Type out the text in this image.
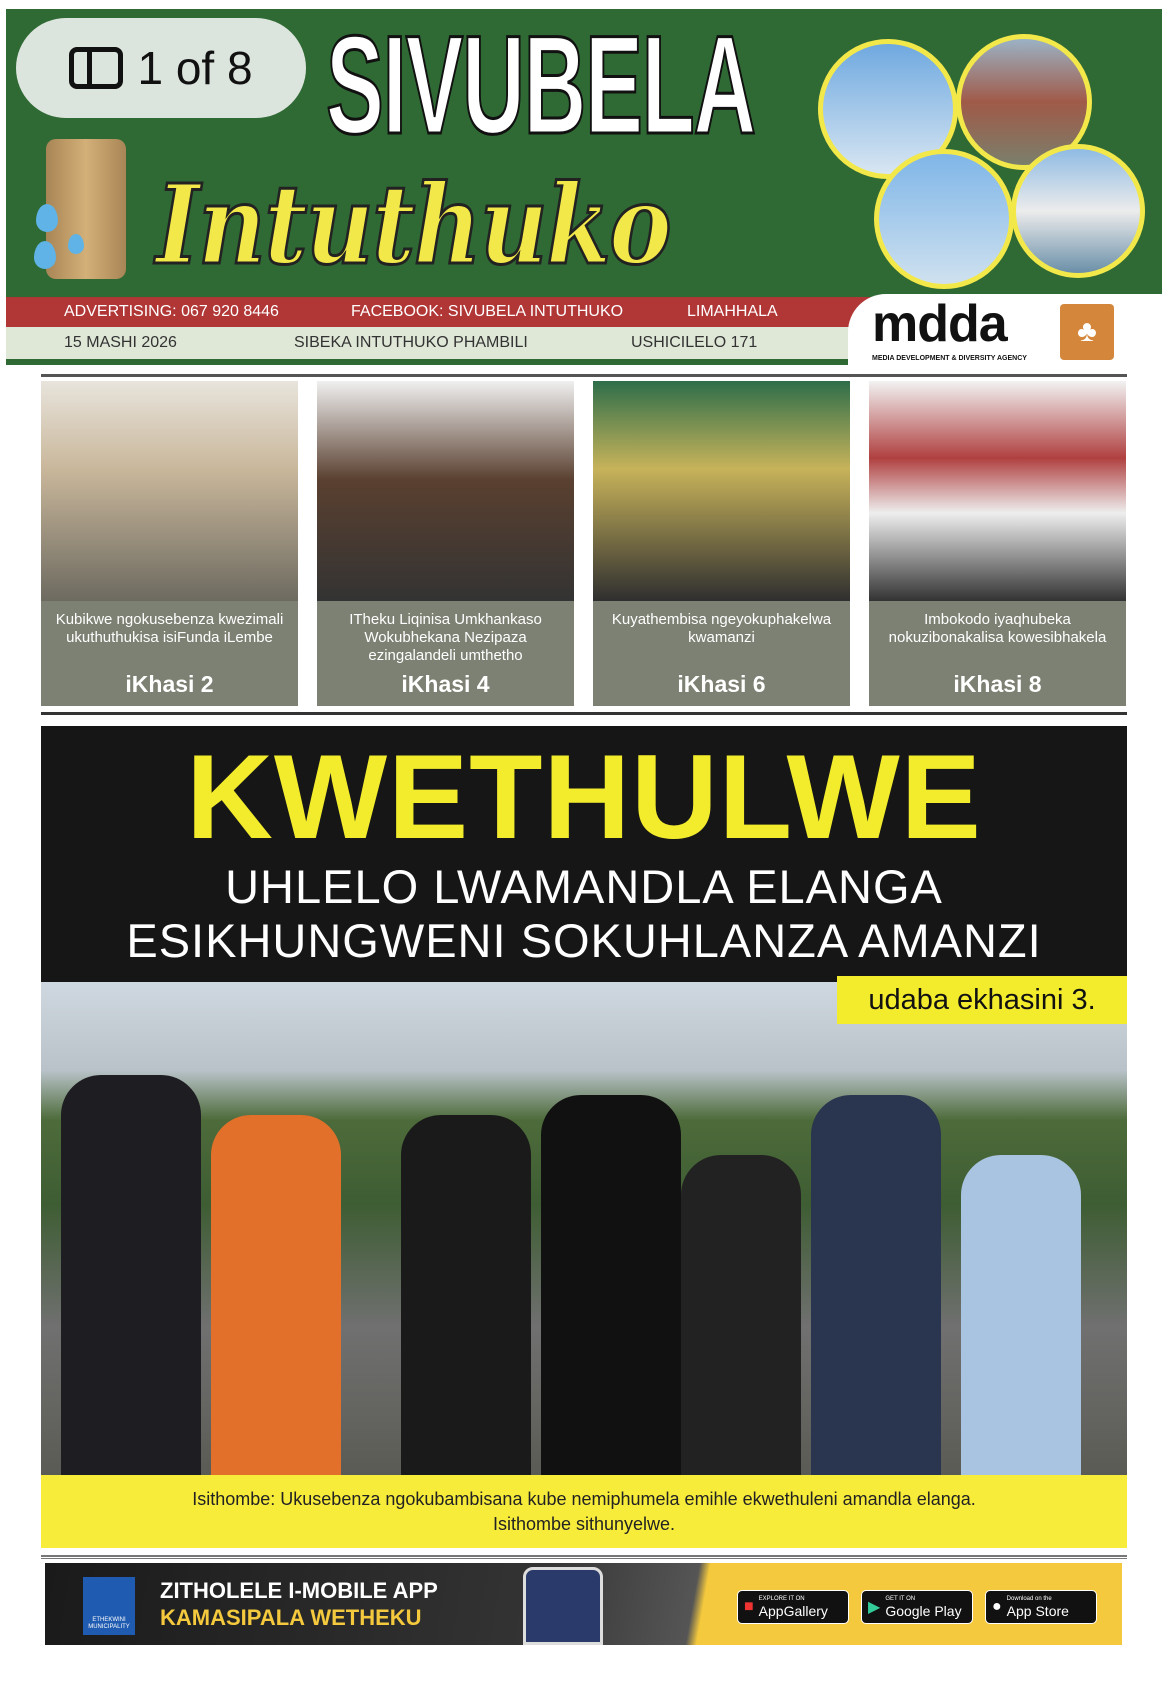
SIVUBELA
Intuthuko
1 of 8
ADVERTISING: 067 920 8446	FACEBOOK: SIVUBELA INTUTHUKO	LIMAHHALA
15 MASHI 2026	SIBEKA INTUTHUKO PHAMBILI	USHICILELO 171 mdda
MEDIA DEVELOPMENT & DIVERSITY AGENCY
♣
Kubikwe ngokusebenza kwezimali ukuthuthukisa isiFunda iLembe
iKhasi 2
ITheku Liqinisa Umkhankaso Wokubhekana Nezipaza ezingalandeli umthetho
iKhasi 4
Kuyathembisa ngeyokuphakelwa kwamanzi
iKhasi 6
Imbokodo iyaqhubeka nokuzibonakalisa kowesibhakela
iKhasi 8
KWETHULWE
UHLELO LWAMANDLA ELANGA
ESIKHUNGWENI SOKUHLANZA AMANZI
udaba ekhasini 3.
Isithombe: Ukusebenza ngokubambisana kube nemiphumela emihle ekwethuleni amandla elanga.
Isithombe sithunyelwe.
ETHEKWINI MUNICIPALITY
ZITHOLELE I-MOBILE APP
KAMASIPALA WETHEKU	■ EXPLORE IT ON
AppGallery	▶ GET IT ON
Google Play ● Download on the
App Store
